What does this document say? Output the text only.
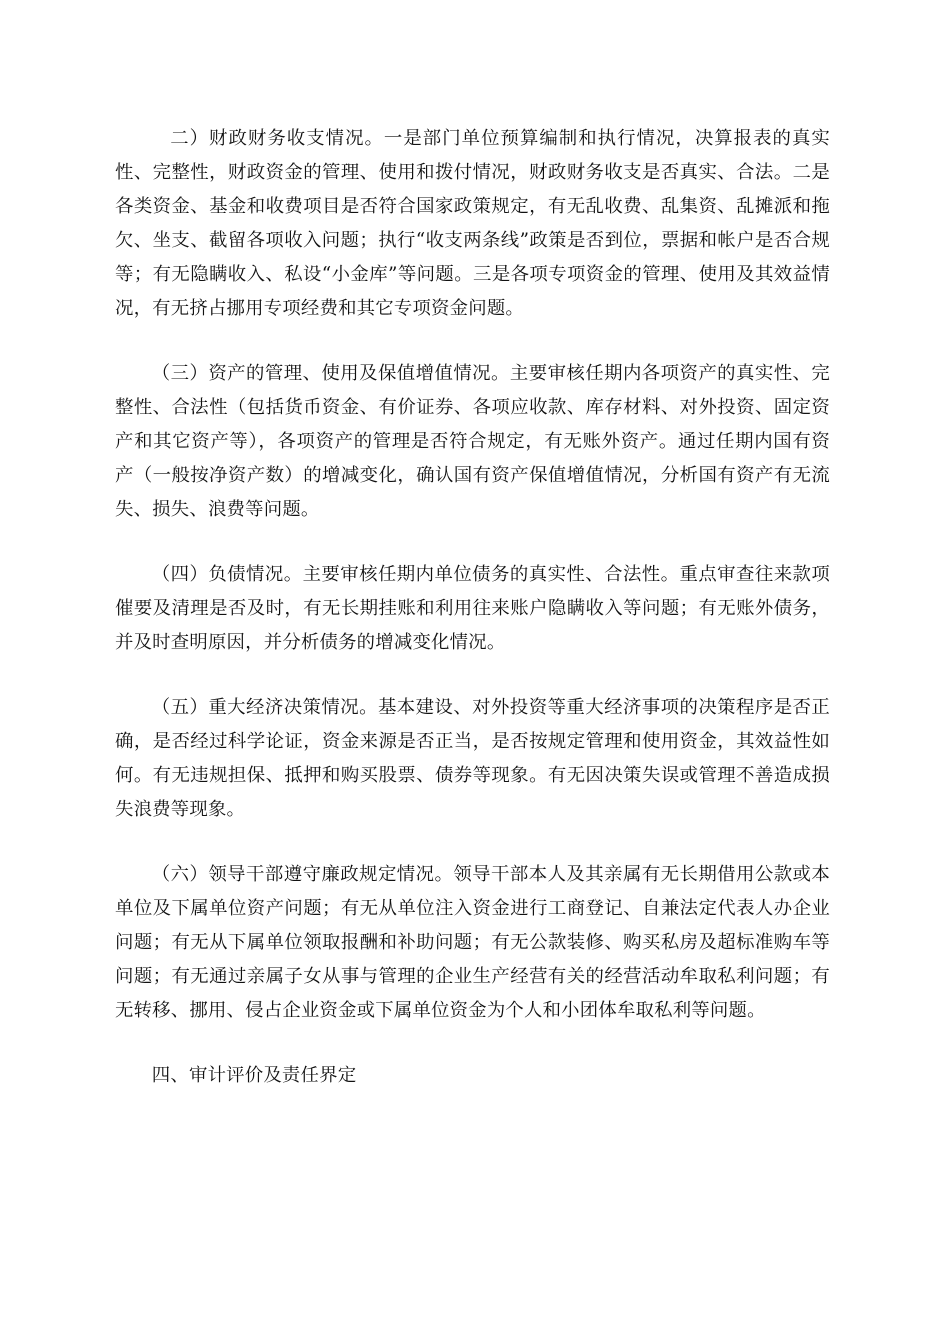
二）财政财务收支情况。一是部门单位预算编制和执行情况，决算报表的真实性、完整性，财政资金的管理、使用和拨付情况，财政财务收支是否真实、合法。二是各类资金、基金和收费项目是否符合国家政策规定，有无乱收费、乱集资、乱摊派和拖欠、坐支、截留各项收入问题；执行“收支两条线”政策是否到位，票据和帐户是否合规等；有无隐瞒收入、私设“小金库”等问题。三是各项专项资金的管理、使用及其效益情况，有无挤占挪用专项经费和其它专项资金问题。

（三）资产的管理、使用及保值增值情况。主要审核任期内各项资产的真实性、完整性、合法性（包括货币资金、有价证券、各项应收款、库存材料、对外投资、固定资产和其它资产等），各项资产的管理是否符合规定，有无账外资产。通过任期内国有资产（一般按净资产数）的增减变化，确认国有资产保值增值情况，分析国有资产有无流失、损失、浪费等问题。

（四）负债情况。主要审核任期内单位债务的真实性、合法性。重点审查往来款项催要及清理是否及时，有无长期挂账和利用往来账户隐瞒收入等问题；有无账外债务，并及时查明原因，并分析债务的增减变化情况。

（五）重大经济决策情况。基本建设、对外投资等重大经济事项的决策程序是否正确，是否经过科学论证，资金来源是否正当，是否按规定管理和使用资金，其效益性如何。有无违规担保、抵押和购买股票、债券等现象。有无因决策失误或管理不善造成损失浪费等现象。

（六）领导干部遵守廉政规定情况。领导干部本人及其亲属有无长期借用公款或本单位及下属单位资产问题；有无从单位注入资金进行工商登记、自兼法定代表人办企业问题；有无从下属单位领取报酬和补助问题；有无公款装修、购买私房及超标准购车等问题；有无通过亲属子女从事与管理的企业生产经营有关的经营活动牟取私利问题；有无转移、挪用、侵占企业资金或下属单位资金为个人和小团体牟取私利等问题。

四、审计评价及责任界定
